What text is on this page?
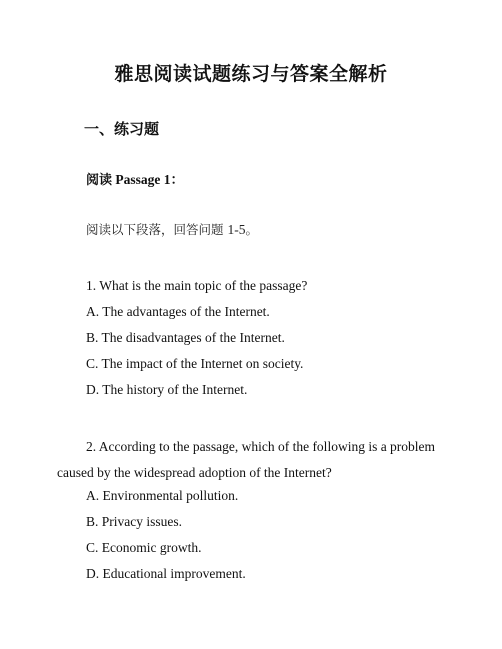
雅思阅读试题练习与答案全解析
一、练习题
阅读 Passage 1：
阅读以下段落，回答问题 1-5。
1. What is the main topic of the passage?
A. The advantages of the Internet.
B. The disadvantages of the Internet.
C. The impact of the Internet on society.
D. The history of the Internet.
2. According to the passage, which of the following is a problem caused by the widespread adoption of the Internet?
A. Environmental pollution.
B. Privacy issues.
C. Economic growth.
D. Educational improvement.
